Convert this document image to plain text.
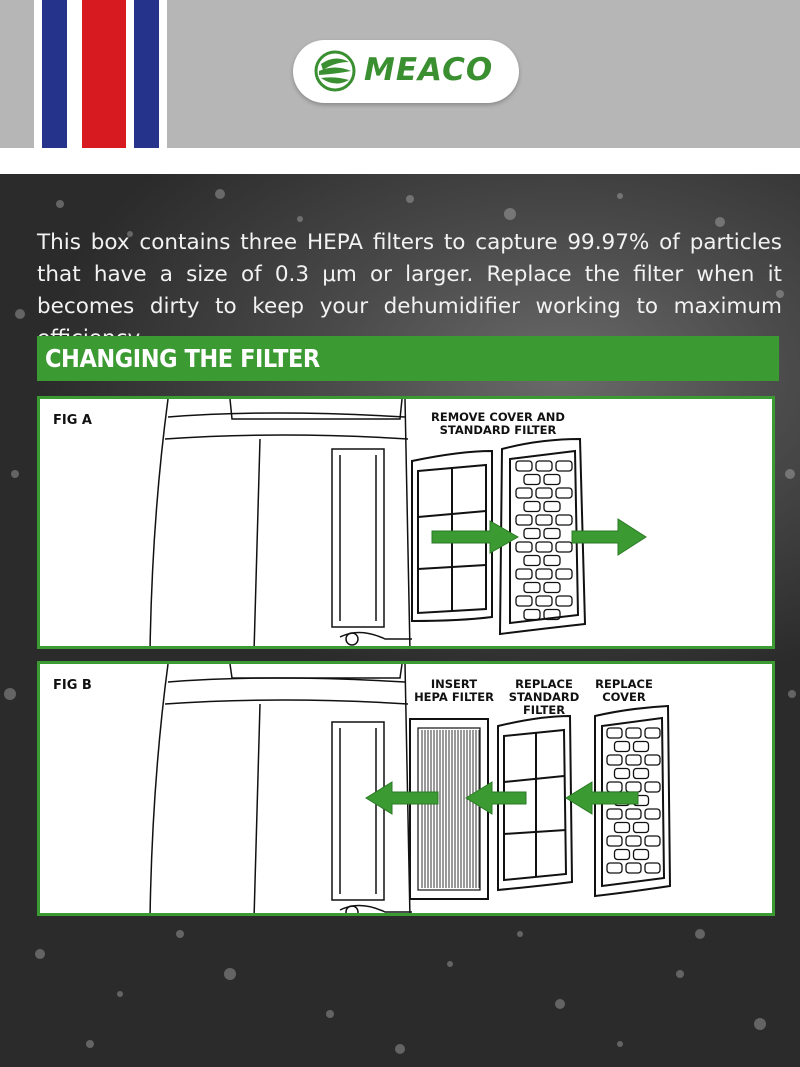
MEACO
This box contains three HEPA filters to capture 99.97% of particles that have a size of 0.3 μm or larger. Replace the filter when it becomes dirty to keep your dehumidifier working to maximum
CHANGING THE FILTER
FIG A	REMOVE COVER AND
STANDARD FILTER
FIG B	INSERT
HEPA FILTER
REPLACE
STANDARD
FILTER
REPLACE
COVER
